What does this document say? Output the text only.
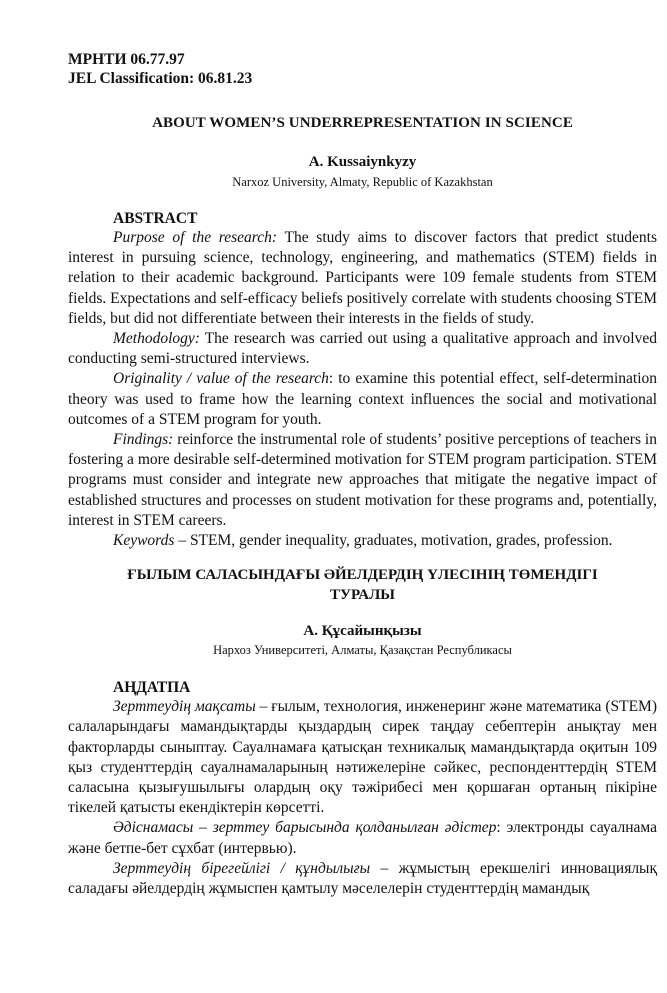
МРНТИ 06.77.97
JEL Classification: 06.81.23
ABOUT WOMEN’S UNDERREPRESENTATION IN SCIENCE
A. Kussaiynkyzy
Narxoz University, Almaty, Republic of Kazakhstan
ABSTRACT

Purpose of the research: The study aims to discover factors that predict students interest in pursuing science, technology, engineering, and mathematics (STEM) fields in relation to their academic background. Participants were 109 female students from STEM fields. Expectations and self-efficacy beliefs positively correlate with students choosing STEM fields, but did not differentiate between their interests in the fields of study.

Methodology: The research was carried out using a qualitative approach and involved conducting semi-structured interviews.

Originality / value of the research: to examine this potential effect, self-determination theory was used to frame how the learning context influences the social and motivational outcomes of a STEM program for youth.

Findings: reinforce the instrumental role of students’ positive perceptions of teachers in fostering a more desirable self-determined motivation for STEM program participation. STEM programs must consider and integrate new approaches that mitigate the negative impact of established structures and processes on student motivation for these programs and, potentially, interest in STEM careers.

Keywords – STEM, gender inequality, graduates, motivation, grades, profession.

ҒЫЛЫМ САЛАСЫНДАҒЫ ӘЙЕЛДЕРДІҢ ҮЛЕСІНІҢ ТӨМЕНДІГІ ТУРАЛЫ
А. Құсайынқызы
Нархоз Университеті, Алматы, Қазақстан Республикасы
АҢДАТПА

Зерттеудің мақсаты – ғылым, технология, инженеринг және математика (STEM) салаларындағы мамандықтарды қыздардың сирек таңдау себептерін анықтау мен факторларды сыныптау. Сауалнамаға қатысқан техникалық мамандықтарда оқитын 109 қыз студенттердің сауалнамаларының нәтижелеріне сәйкес, респонденттердің STEM саласына қызығушылығы олардың оқу тәжірибесі мен қоршаған ортаның пікіріне тікелей қатысты екендіктерін көрсетті.

Әдіснамасы – зерттеу барысында қолданылған әдістер: электронды сауалнама және бетпе-бет сұхбат (интервью).

Зерттеудің бірегейлігі / құндылығы – жұмыстың ерекшелігі инновациялық саладағы әйелдердің жұмыспен қамтылу мәселелерін студенттердің мамандық
